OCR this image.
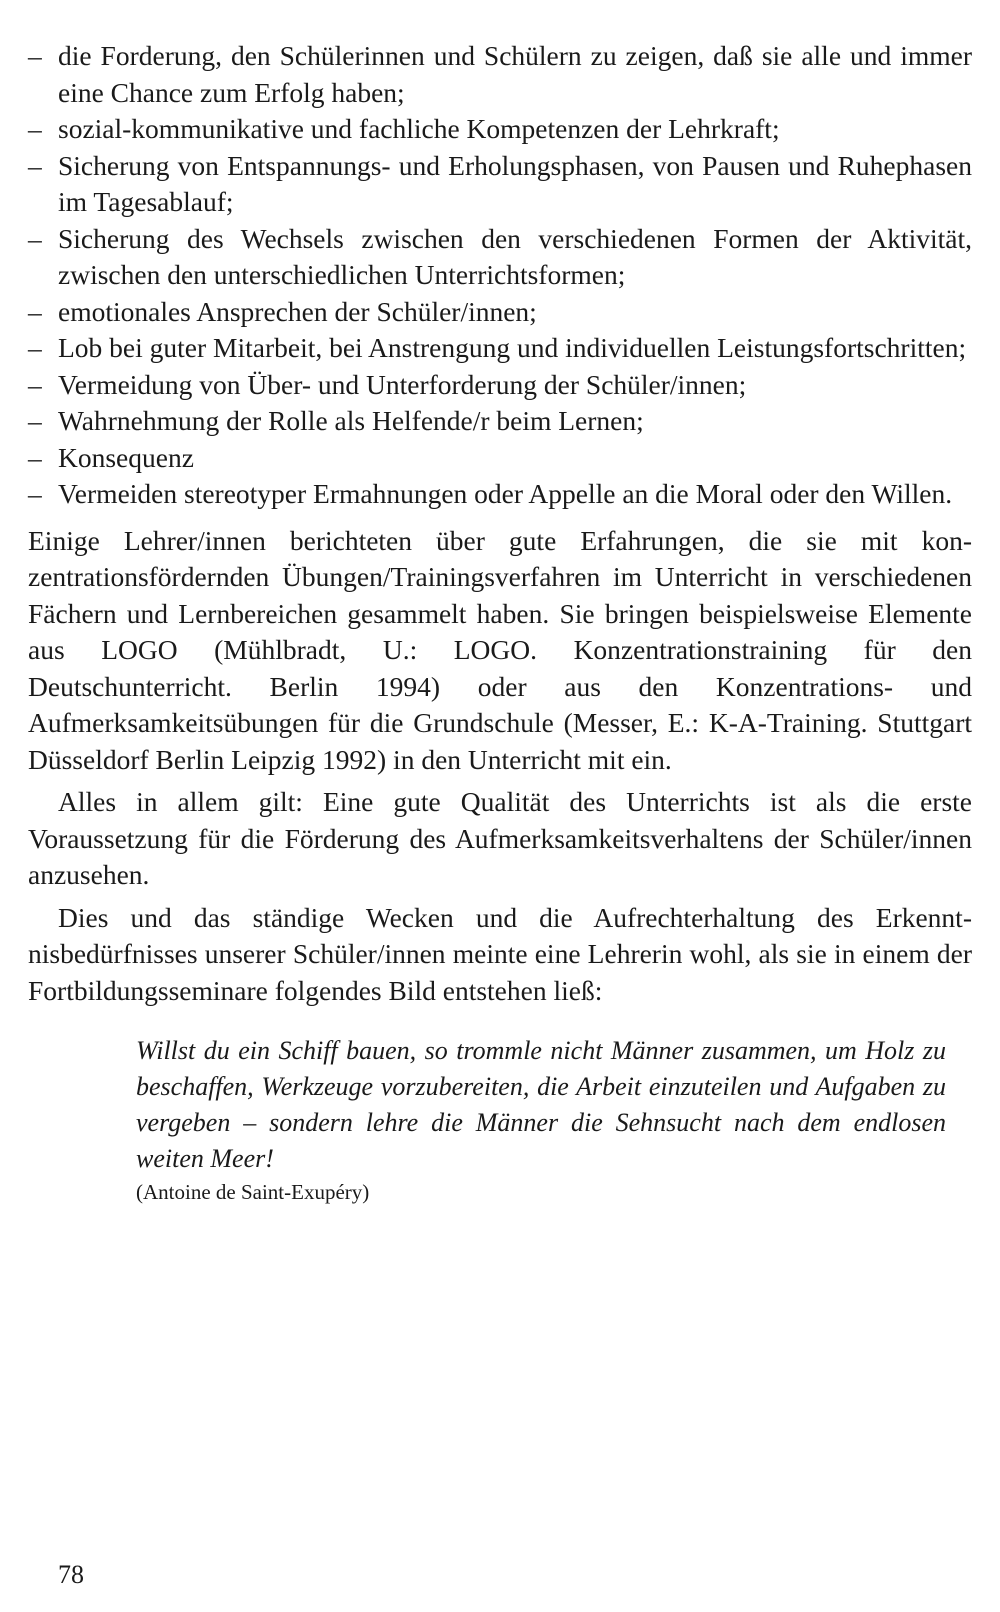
– die Forderung, den Schülerinnen und Schülern zu zeigen, daß sie alle und immer eine Chance zum Erfolg haben;
– sozial-kommunikative und fachliche Kompetenzen der Lehrkraft;
– Sicherung von Entspannungs- und Erholungsphasen, von Pausen und Ruhephasen im Tagesablauf;
– Sicherung des Wechsels zwischen den verschiedenen Formen der Aktivität, zwischen den unterschiedlichen Unterrichtsformen;
– emotionales Ansprechen der Schüler/innen;
– Lob bei guter Mitarbeit, bei Anstrengung und individuellen Leistungsfortschritten;
– Vermeidung von Über- und Unterforderung der Schüler/innen;
– Wahrnehmung der Rolle als Helfende/r beim Lernen;
– Konsequenz
– Vermeiden stereotyper Ermahnungen oder Appelle an die Moral oder den Willen.

Einige Lehrer/innen berichteten über gute Erfahrungen, die sie mit konzentrationsfördernden Übungen/Trainingsverfahren im Unterricht in verschiedenen Fächern und Lernbereichen gesammelt haben. Sie bringen beispielsweise Elemente aus LOGO (Mühlbradt, U.: LOGO. Konzentrationstraining für den Deutschunterricht. Berlin 1994) oder aus den Konzentrations- und Aufmerksamkeitsübungen für die Grundschule (Messer, E.: K-A-Training. Stuttgart Düsseldorf Berlin Leipzig 1992) in den Unterricht mit ein.

Alles in allem gilt: Eine gute Qualität des Unterrichts ist als die erste Voraussetzung für die Förderung des Aufmerksamkeitsverhaltens der Schüler/innen anzusehen.

Dies und das ständige Wecken und die Aufrechterhaltung des Erkenntnisbedürfnisses unserer Schüler/innen meinte eine Lehrerin wohl, als sie in einem der Fortbildungsseminare folgendes Bild entstehen ließ:

Willst du ein Schiff bauen, so trommle nicht Männer zusammen, um Holz zu beschaffen, Werkzeuge vorzubereiten, die Arbeit einzuteilen und Aufgaben zu vergeben – sondern lehre die Männer die Sehnsucht nach dem endlosen weiten Meer!
(Antoine de Saint-Exupéry)
78
